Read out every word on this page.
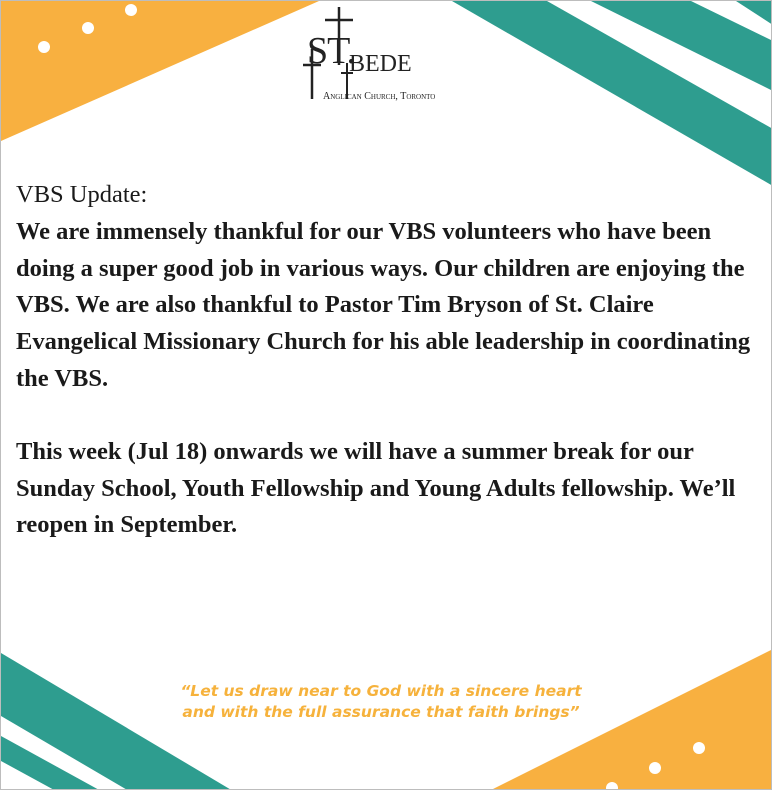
ST.
BEDE
Anglican Church, Toronto
VBS Update:

We are immensely thankful for our VBS volunteers who have been doing a super good job in various ways. Our children are enjoying the VBS. We are also thankful to Pastor Tim Bryson of St. Claire Evangelical Missionary Church for his able leadership in coordinating the VBS.

This week (Jul 18) onwards we will have a summer break for our Sunday School, Youth Fellowship and Young Adults fellowship. We’ll reopen in September.

“Let us draw near to God with a sincere heart
and with the full assurance that faith brings”
